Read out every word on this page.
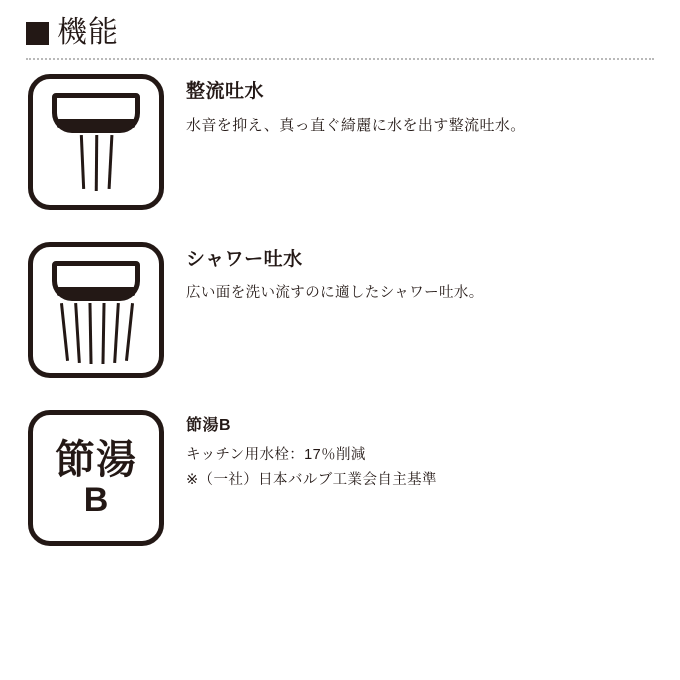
機能
整流吐水
水音を抑え、真っ直ぐ綺麗に水を出す整流吐水。
シャワー吐水
広い面を洗い流すのに適したシャワー吐水。
節湯
B
節湯B
キッチン用水栓：17％削減
※（一社）日本バルブ工業会自主基準
